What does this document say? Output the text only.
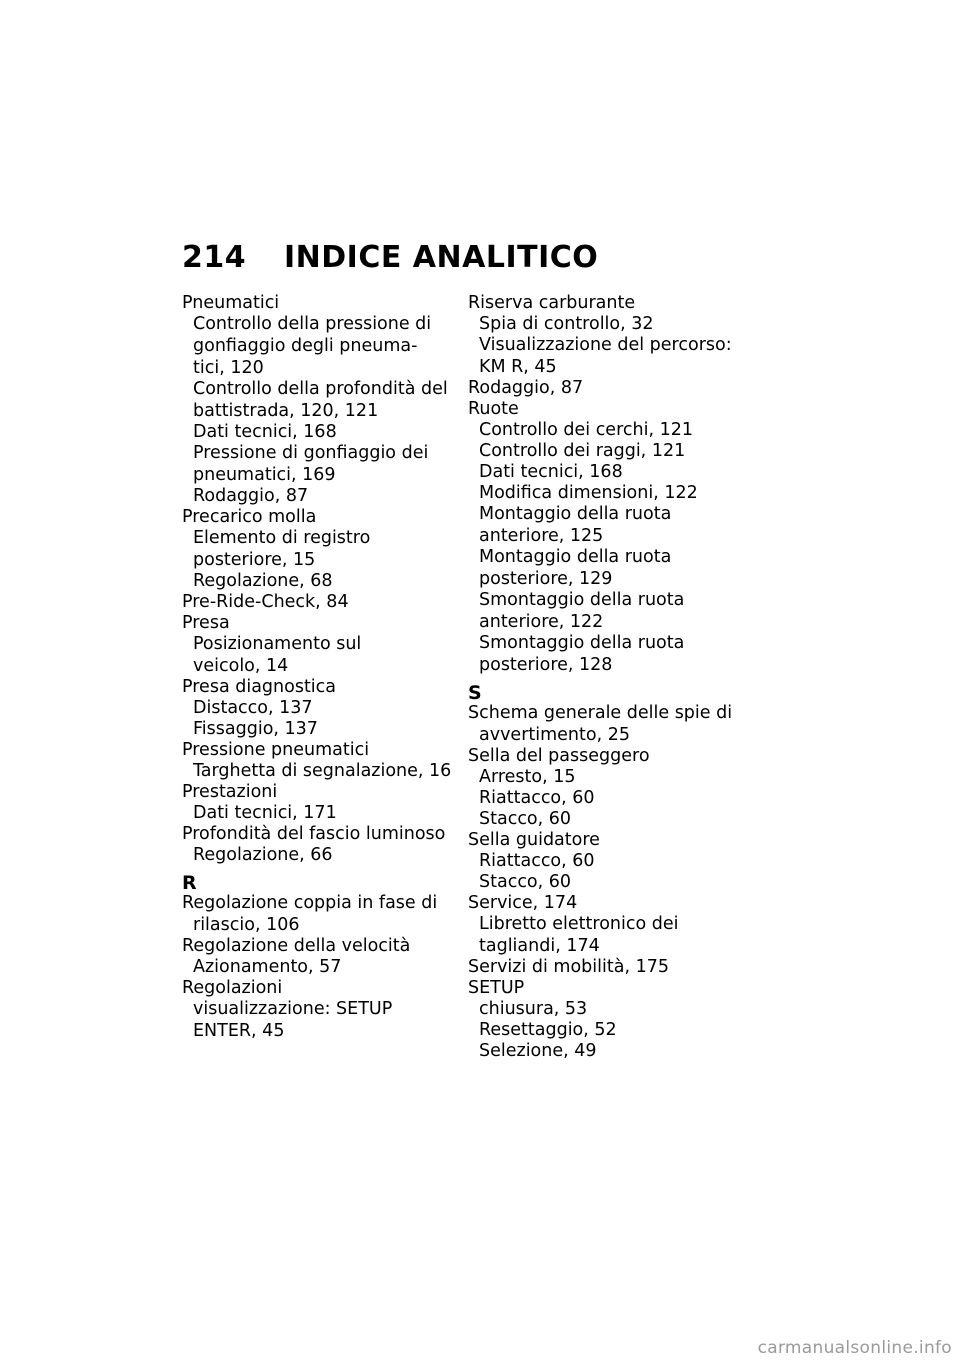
214 INDICE ANALITICO
Pneumatici
Controllo della pressione di
gonfiaggio degli pneuma-
tici, 120
Controllo della profondità del
battistrada, 120, 121
Dati tecnici, 168
Pressione di gonfiaggio dei
pneumatici, 169
Rodaggio, 87
Precarico molla
Elemento di registro
posteriore, 15
Regolazione, 68
Pre-Ride-Check, 84
Presa
Posizionamento sul
veicolo, 14
Presa diagnostica
Distacco, 137
Fissaggio, 137
Pressione pneumatici
Targhetta di segnalazione, 16
Prestazioni
Dati tecnici, 171
Profondità del fascio luminoso
Regolazione, 66
R
Regolazione coppia in fase di
rilascio, 106
Regolazione della velocità
Azionamento, 57
Regolazioni
visualizzazione: SETUP
ENTER, 45
Riserva carburante
Spia di controllo, 32
Visualizzazione del percorso:
KM R, 45
Rodaggio, 87
Ruote
Controllo dei cerchi, 121
Controllo dei raggi, 121
Dati tecnici, 168
Modifica dimensioni, 122
Montaggio della ruota
anteriore, 125
Montaggio della ruota
posteriore, 129
Smontaggio della ruota
anteriore, 122
Smontaggio della ruota
posteriore, 128
S
Schema generale delle spie di
avvertimento, 25
Sella del passeggero
Arresto, 15
Riattacco, 60
Stacco, 60
Sella guidatore
Riattacco, 60
Stacco, 60
Service, 174
Libretto elettronico dei
tagliandi, 174
Servizi di mobilità, 175
SETUP
chiusura, 53
Resettaggio, 52
Selezione, 49
carmanualsonline.info
